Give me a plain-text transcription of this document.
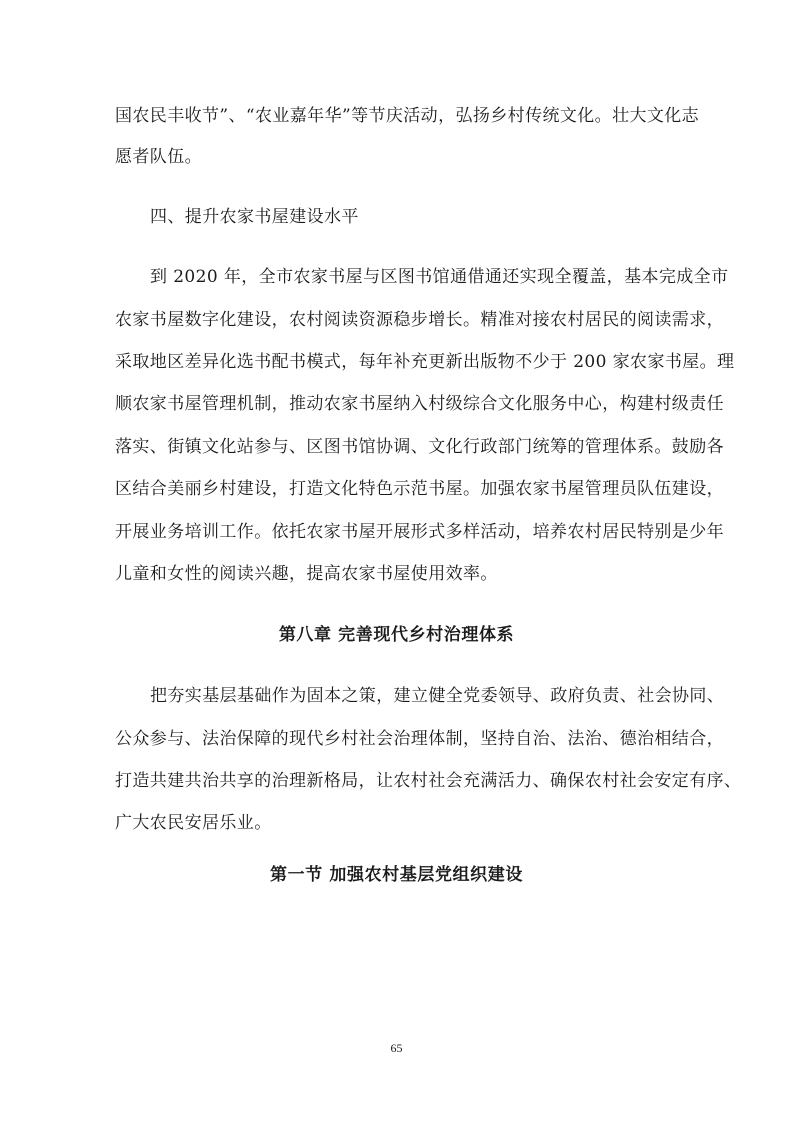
国农民丰收节”、“农业嘉年华”等节庆活动，弘扬乡村传统文化。壮大文化志
愿者队伍。
四、提升农家书屋建设水平
到 2020 年，全市农家书屋与区图书馆通借通还实现全覆盖，基本完成全市
农家书屋数字化建设，农村阅读资源稳步增长。精准对接农村居民的阅读需求，
采取地区差异化选书配书模式，每年补充更新出版物不少于 200 家农家书屋。理
顺农家书屋管理机制，推动农家书屋纳入村级综合文化服务中心，构建村级责任
落实、街镇文化站参与、区图书馆协调、文化行政部门统筹的管理体系。鼓励各
区结合美丽乡村建设，打造文化特色示范书屋。加强农家书屋管理员队伍建设，
开展业务培训工作。依托农家书屋开展形式多样活动，培养农村居民特别是少年
儿童和女性的阅读兴趣，提高农家书屋使用效率。
第八章 完善现代乡村治理体系
把夯实基层基础作为固本之策，建立健全党委领导、政府负责、社会协同、
公众参与、法治保障的现代乡村社会治理体制，坚持自治、法治、德治相结合，
打造共建共治共享的治理新格局，让农村社会充满活力、确保农村社会安定有序、
广大农民安居乐业。
第一节 加强农村基层党组织建设
65
